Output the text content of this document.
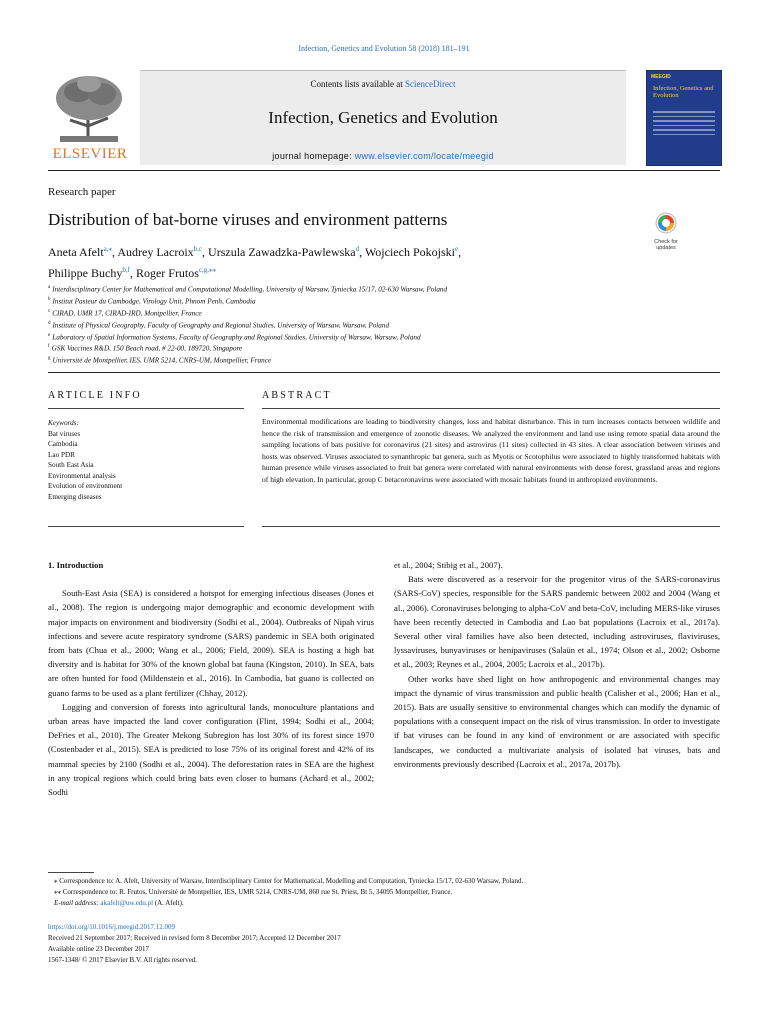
Infection, Genetics and Evolution 58 (2018) 181–191
ELSEVIER
Contents lists available at ScienceDirect
Infection, Genetics and Evolution
journal homepage: www.elsevier.com/locate/meegid
MEEGID
Infection, Genetics and Evolution
Research paper
Distribution of bat-borne viruses and environment patterns
Check for
updates
Aneta Afelt$^{a,⁎}$, Audrey Lacroix$^{b,c}$, Urszula Zawadzka-Pawlewska$^d$, Wojciech Pokojski$^e$,
Philippe Buchy$^{b,f}$, Roger Frutos$^{c,g,⁎⁎}$
$^a$ Interdisciplinary Center for Mathematical and Computational Modelling, University of Warsaw, Tyniecka 15/17, 02-630 Warsaw, Poland
$^b$ Institut Pasteur du Cambodge, Virology Unit, Phnom Penh, Cambodia
$^c$ CIRAD, UMR 17, CIRAD-IRD, Montpellier, France
$^d$ Institute of Physical Geography, Faculty of Geography and Regional Studies, University of Warsaw, Warsaw, Poland
$^e$ Laboratory of Spatial Information Systems, Faculty of Geography and Regional Studies, University of Warsaw, Warsaw, Poland
$^f$ GSK Vaccines R&D, 150 Beach road, # 22-00, 189720, Singapore
$^g$ Université de Montpellier, IES, UMR 5214, CNRS-UM, Montpellier, France
ARTICLE INFO	ABSTRACT
Keywords:
Bat viruses
Cambodia
Lao PDR
South East Asia
Environmental analysis
Evolution of environment
Emerging diseases
Environmental modifications are leading to biodiversity changes, loss and habitat disturbance. This in turn increases contacts between wildlife and hence the risk of transmission and emergence of zoonotic diseases. We analyzed the environment and land use using remote spatial data around the sampling locations of bats positive for coronavirus (21 sites) and astrovirus (11 sites) collected in 43 sites. A clear association between viruses and hosts was observed. Viruses associated to synanthropic bat genera, such as Myotis or Scotophilus were associated to highly transformed habitats with human presence while viruses associated to fruit bat genera were correlated with natural environments with dense forest, grassland areas and regions of high elevation. In particular, group C betacoronavirus were associated with mosaic habitats found in anthropized environments.

1. Introduction

South-East Asia (SEA) is considered a hotspot for emerging infectious diseases (Jones et al., 2008). The region is undergoing major demographic and economic development with major impacts on environment and biodiversity (Sodhi et al., 2004). Outbreaks of Nipah virus infections and severe acute respiratory syndrome (SARS) pandemic in SEA both originated from bats (Chua et al., 2000; Wang et al., 2006; Field, 2009). SEA is hosting a high bat diversity and is habitat for 30% of the known global bat fauna (Kingston, 2010). In SEA, bats are often hunted for food (Mildenstein et al., 2016). In Cambodia, bat guano is collected on guano farms to be used as a plant fertilizer (Chhay, 2012).

Logging and conversion of forests into agricultural lands, monoculture plantations and urban areas have impacted the land cover configuration (Flint, 1994; Sodhi et al., 2004; DeFries et al., 2010). The Greater Mekong Subregion has lost 30% of its forest since 1970 (Costenbader et al., 2015). SEA is predicted to lose 75% of its original forest and 42% of its mammal species by 2100 (Sodhi et al., 2004). The deforestation rates in SEA are the highest in any tropical regions which could bring bats even closer to humans (Achard et al., 2002; Sodhi

et al., 2004; Stibig et al., 2007).

Bats were discovered as a reservoir for the progenitor virus of the SARS-coronavirus (SARS-CoV) species, responsible for the SARS pandemic between 2002 and 2004 (Wang et al., 2006). Coronaviruses belonging to alpha-CoV and beta-CoV, including MERS-like viruses have been recently detected in Cambodia and Lao bat populations (Lacroix et al., 2017a). Several other viral families have also been detected, including astroviruses, flaviviruses, lyssaviruses, bunyaviruses or henipaviruses (Salaün et al., 1974; Olson et al., 2002; Osborne et al., 2003; Reynes et al., 2004, 2005; Lacroix et al., 2017b).

Other works have shed light on how anthropogenic and environmental changes may impact the dynamic of virus transmission and public health (Calisher et al., 2006; Han et al., 2015). Bats are usually sensitive to environmental changes which can modify the dynamic of populations with a consequent impact on the risk of virus transmission. In order to investigate if bat viruses can be found in any kind of environment or are associated with specific landscapes, we conducted a multivariate analysis of isolated bat viruses, bats and environments previously described (Lacroix et al., 2017a, 2017b).

⁎ Correspondence to: A. Afelt, University of Warsaw, Interdisciplinary Center for Mathematical, Modelling and Computation, Tyniecka 15/17, 02-630 Warsaw, Poland.
⁎⁎ Correspondence to: R. Frutos, Université de Montpellier, IES, UMR 5214, CNRS-UM, 860 rue St. Priest, Bt 5, 34095 Montpellier, France.
E-mail address: akafelt@uw.edu.pl (A. Afelt).
https://doi.org/10.1016/j.meegid.2017.12.009
Received 21 September 2017; Received in revised form 8 December 2017; Accepted 12 December 2017
Available online 23 December 2017
1567-1348/ © 2017 Elsevier B.V. All rights reserved.
